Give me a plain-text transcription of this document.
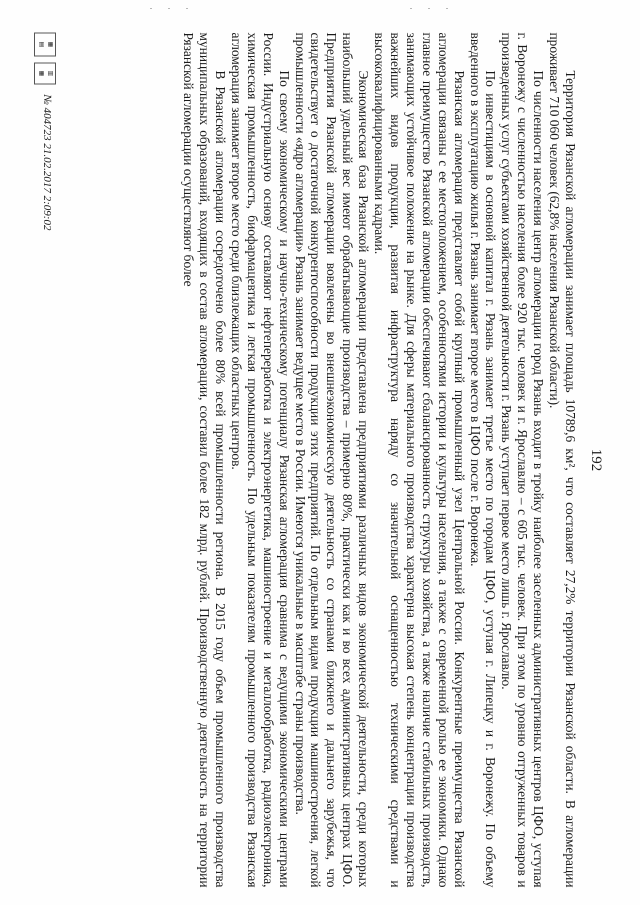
192

Территория Рязанской агломерации занимает площадь 10789,6 км², что составляет 27,2% территории Рязанской области. В агломерации проживает 710 060 человек (62,8% населения Рязанской области).

По численности населения центр агломерации город Рязань входит в тройку наиболее заселенных административных центров ЦФО, уступая г. Воронежу с численностью населения более 920 тыс. человек и г. Ярославлю – с 605 тыс. человек. При этом по уровню отгруженных товаров и произведенных услуг субъектами хозяйственной деятельности г. Рязань уступает первое место лишь г. Ярославлю.

По инвестициям в основной капитал г. Рязань занимает третье место по городам ЦФО, уступая г. Липецку и г. Воронежу. По объему введенного в эксплуатацию жилья г. Рязань занимает второе место в ЦФО после г. Воронежа.

Рязанская агломерация представляет собой крупный промышленный узел Центральной России. Конкурентные преимущества Рязанской агломерации связаны с ее местоположением, особенностями истории и культуры населения, а также с современной ролью ее экономики. Однако главное преимущество Рязанской агломерации обеспечивают сбалансированность структуры хозяйства, а также наличие стабильных производств, занимающих устойчивое положение на рынке. Для сферы материального производства характерна высокая степень концентрации производства важнейших видов продукции, развитая инфраструктура наряду со значительной оснащенностью техническими средствами и высококвалифицированными кадрами.

Экономическая база Рязанской агломерации представлена предприятиями различных видов экономической деятельности, среди которых наибольший удельный вес имеют обрабатывающие производства – примерно 80%, практически как и во всех административных центрах ЦФО. Предприятия Рязанской агломерации вовлечены во внешнеэкономическую деятельность со странами ближнего и дальнего зарубежья, что свидетельствует о достаточной конкурентоспособности продукции этих предприятий. По отдельным видам продукции машиностроения, легкой промышленности «ядро агломерации» Рязань занимает ведущее место в России. Имеются уникальные в масштабе страны производства.

По своему экономическому и научно-техническому потенциалу Рязанская агломерация сравнима с ведущими экономическими центрами России. Индустриальную основу составляют нефтепереработка и электроэнергетика, машиностроение и металлообработка, радиоэлектроника, химическая промышленность, биофармацевтика и легкая промышленность. По удельным показателям промышленного производства Рязанская агломерация занимает второе место среди близлежащих областных центров.

В Рязанской агломерации сосредоточено более 80% всей промышленности региона. В 2015 году объем промышленного производства муниципальных образований, входящих в состав агломерации, составил более 182 млрд. рублей. Производственную деятельность на территории Рязанской агломерации осуществляют более

▦
▤
▥
▦
№ 404723 21.02.2017 2:09:02
